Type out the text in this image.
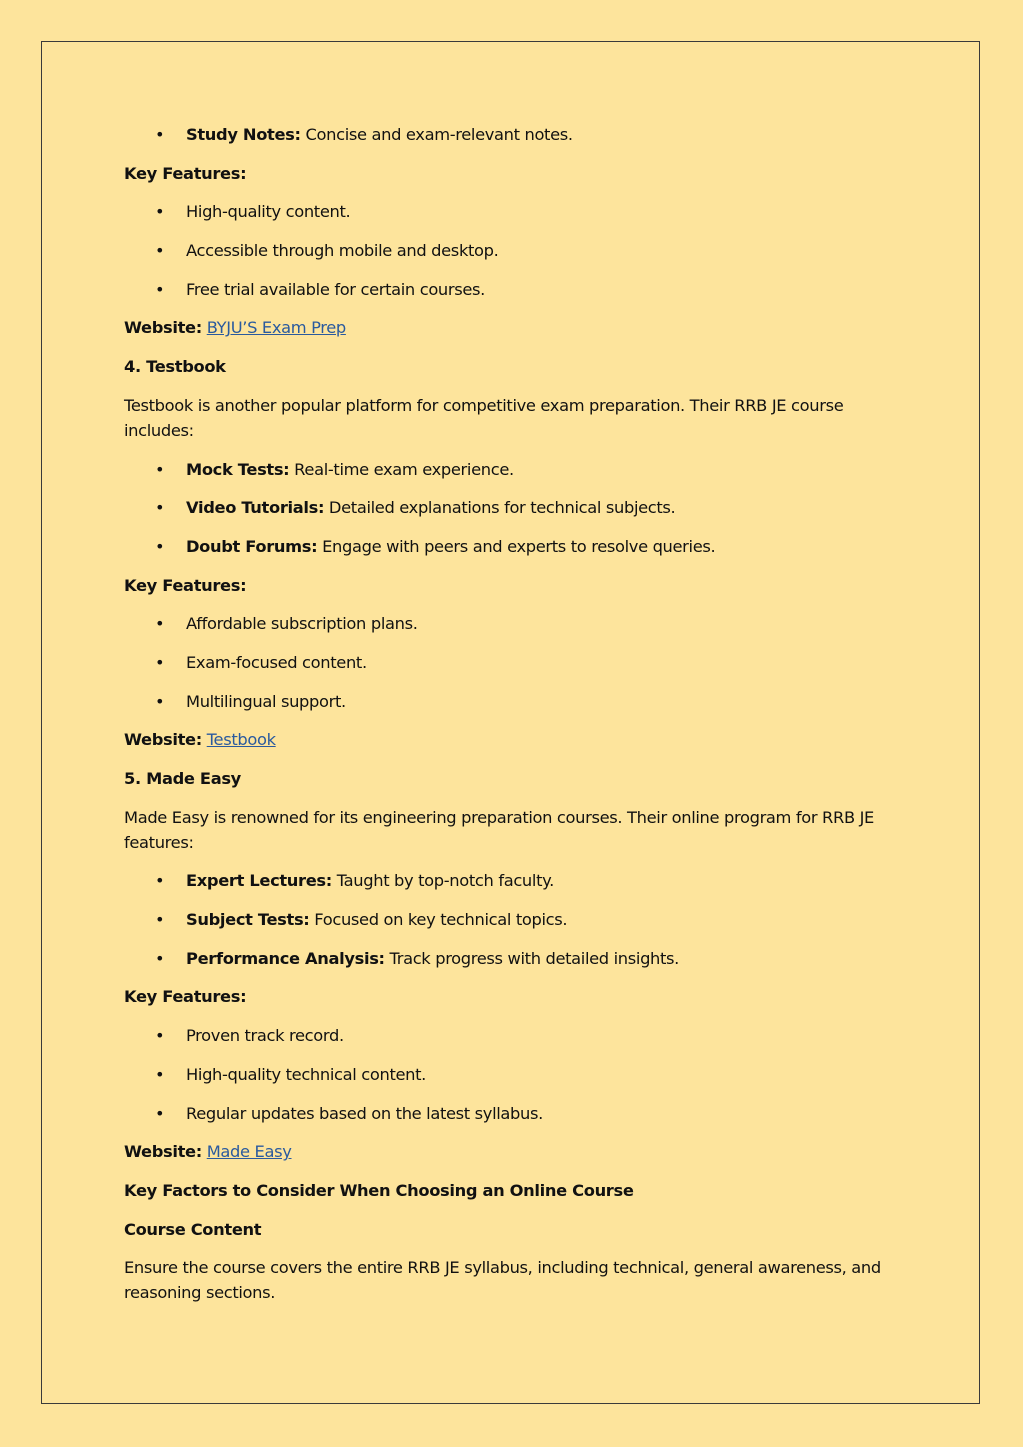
• Study Notes: Concise and exam-relevant notes.
Key Features:
• High-quality content.
• Accessible through mobile and desktop.
• Free trial available for certain courses.
Website: BYJU’S Exam Prep
4. Testbook
Testbook is another popular platform for competitive exam preparation. Their RRB JE course includes:
• Mock Tests: Real-time exam experience.
• Video Tutorials: Detailed explanations for technical subjects.
• Doubt Forums: Engage with peers and experts to resolve queries.
Key Features:
• Affordable subscription plans.
• Exam-focused content.
• Multilingual support.
Website: Testbook
5. Made Easy
Made Easy is renowned for its engineering preparation courses. Their online program for RRB JE features:
• Expert Lectures: Taught by top-notch faculty.
• Subject Tests: Focused on key technical topics.
• Performance Analysis: Track progress with detailed insights.
Key Features:
• Proven track record.
• High-quality technical content.
• Regular updates based on the latest syllabus.
Website: Made Easy
Key Factors to Consider When Choosing an Online Course
Course Content
Ensure the course covers the entire RRB JE syllabus, including technical, general awareness, and reasoning sections.
